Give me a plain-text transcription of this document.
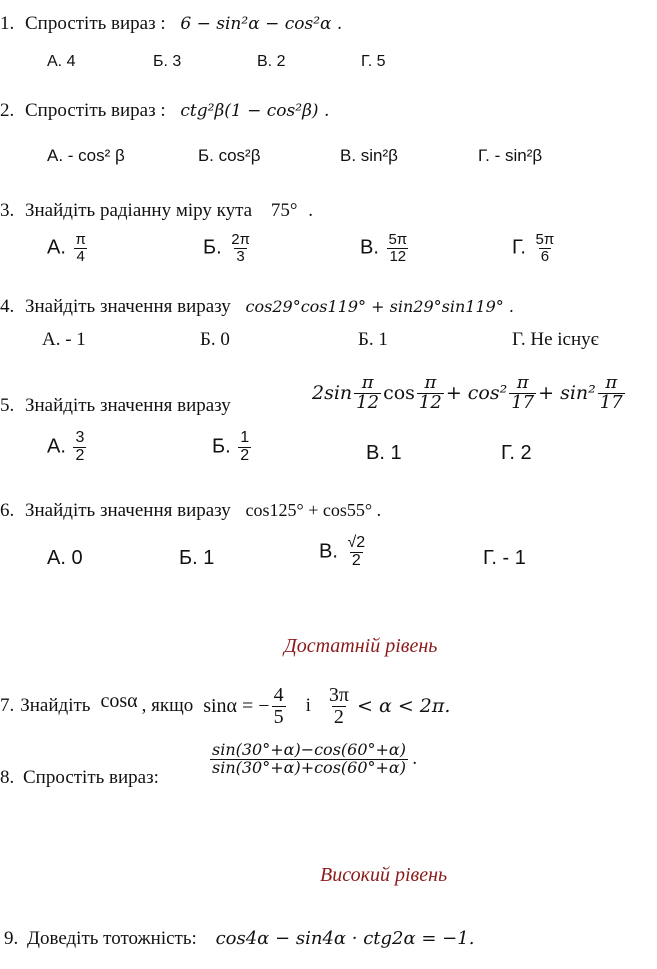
1. Спростіть вираз : 6 − sin²α − cos²α .
А. 4	Б. 3	В. 2	Г. 5
2. Спростіть вираз : ctg²β(1 − cos²β) .
А. - cos² β	Б. cos²β	В. sin²β	Г. - sin²β
3. Знайдіть радіанну міру кута 75° .
А. $\frac{\pi}{4}$	Б. $\frac{2\pi}{3}$	В. $\frac{5\pi}{12}$	Г. $\frac{5\pi}{6}$
4. Знайдіть значення виразу cos29°cos119° + sin29°sin119° .
А. - 1	Б. 0	Б. 1	Г. Не існує
5. Знайдіть значення виразу
$2\sin \frac{\pi}{12}$ $\cos \frac{\pi}{12} + \cos^2 \frac{\pi}{17} + \sin^2 \frac{\pi}{17}$
А. $\frac{3}{2}$	Б. $\frac{1}{2}$	В. 1	Г. 2
6. Знайдіть значення виразу cos125° + cos55° .
А. 0	Б. 1	В. $\frac{√2}{2}$	Г. - 1
Достатній рівень
7. Знайдіть cosα , якщо sinα = − $\frac{4}{5}$ і $\frac{3\pi}{2} < \alpha < 2\pi$.
8. Спростіть вираз:
$\frac{\sin(30^\circ+\alpha)-\cos(60^\circ+\alpha)}{\sin(30^\circ+\alpha)+\cos(60^\circ+\alpha)}$ .
Високий рівень
9. Доведіть тотожність: cos4α − sin4α · ctg2α = −1.
